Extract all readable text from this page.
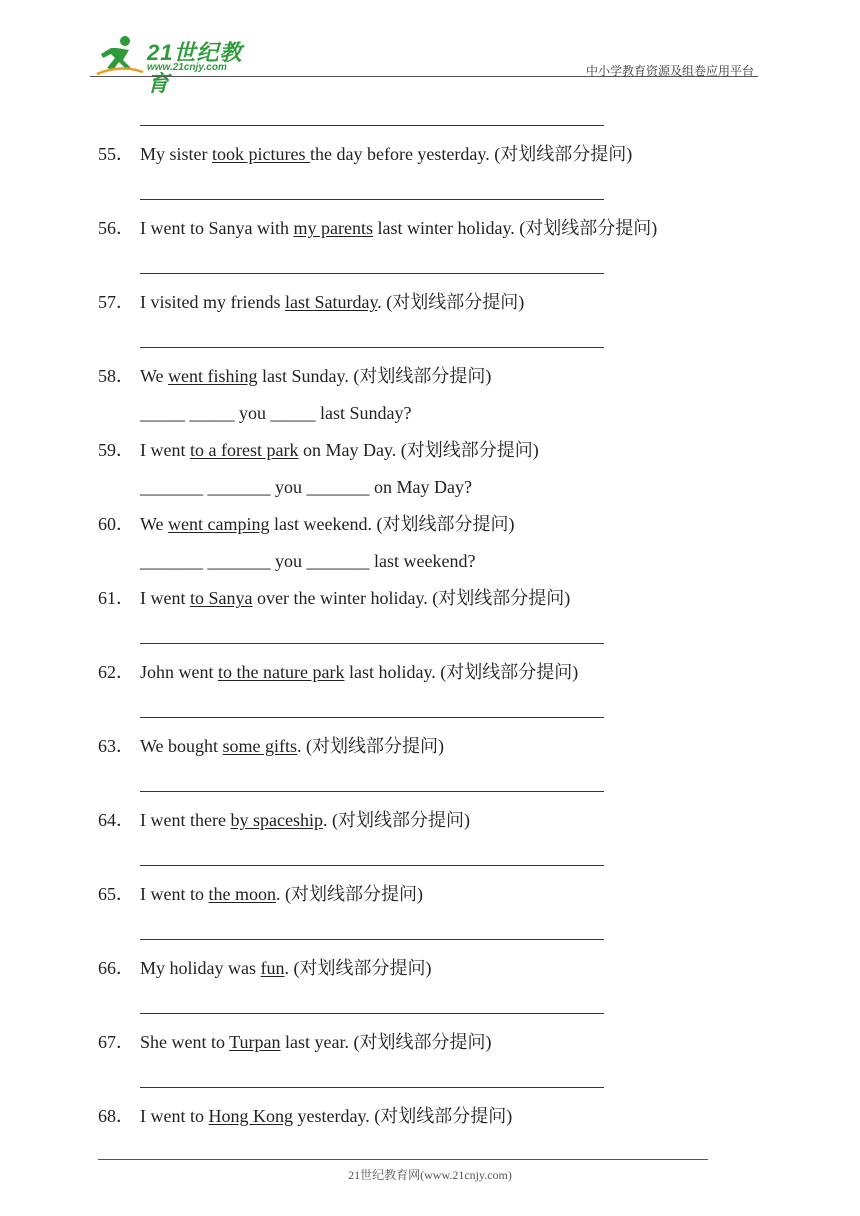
21世纪教育
www.21cnjy.com	中小学教育资源及组卷应用平台
55． My sister took pictures the day before yesterday. (对划线部分提问)
56． I went to Sanya with my parents last winter holiday. (对划线部分提问)
57． I visited my friends last Saturday. (对划线部分提问)
58． We went fishing last Sunday. (对划线部分提问)
_____ _____ you _____ last Sunday?
59． I went to a forest park on May Day. (对划线部分提问)
_______ _______ you _______ on May Day?
60． We went camping last weekend. (对划线部分提问)
_______ _______ you _______ last weekend?
61． I went to Sanya over the winter holiday. (对划线部分提问)
62． John went to the nature park last holiday. (对划线部分提问)
63． We bought some gifts. (对划线部分提问)
64． I went there by spaceship. (对划线部分提问)
65． I went to the moon. (对划线部分提问)
66． My holiday was fun. (对划线部分提问)
67． She went to Turpan last year. (对划线部分提问)
68． I went to Hong Kong yesterday. (对划线部分提问)
21世纪教育网(www.21cnjy.com)
